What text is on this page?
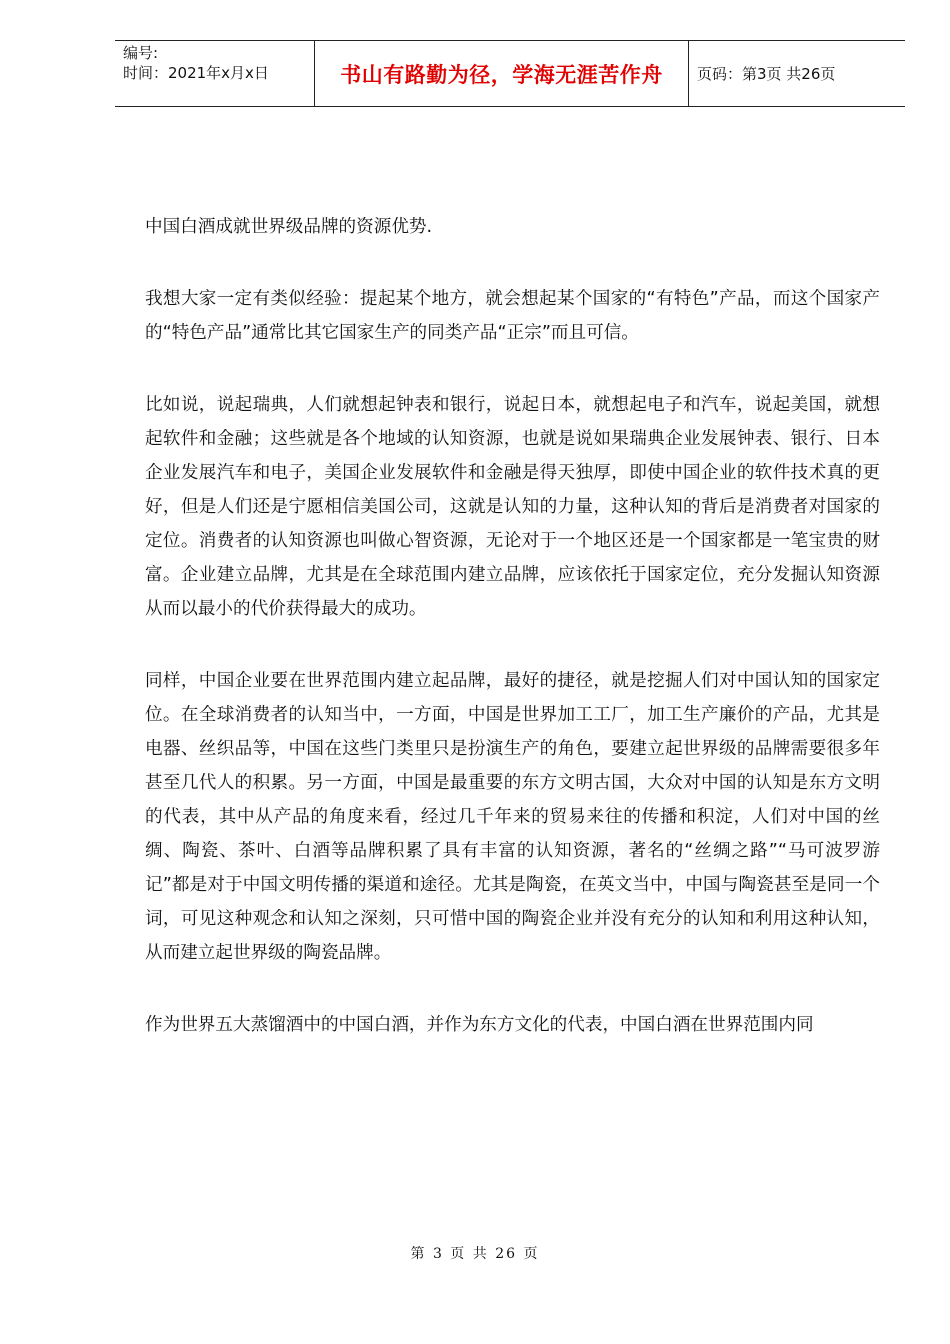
编号:
时间：2021年x月x日	书山有路勤为径，学海无涯苦作舟	页码：第3页 共26页

中国白酒成就世界级品牌的资源优势.

我想大家一定有类似经验：提起某个地方，就会想起某个国家的“有特色”产品，而这个国家产的“特色产品”通常比其它国家生产的同类产品“正宗”而且可信。

比如说，说起瑞典，人们就想起钟表和银行，说起日本，就想起电子和汽车，说起美国，就想起软件和金融；这些就是各个地域的认知资源，也就是说如果瑞典企业发展钟表、银行、日本企业发展汽车和电子，美国企业发展软件和金融是得天独厚，即使中国企业的软件技术真的更好，但是人们还是宁愿相信美国公司，这就是认知的力量，这种认知的背后是消费者对国家的定位。消费者的认知资源也叫做心智资源，无论对于一个地区还是一个国家都是一笔宝贵的财富。企业建立品牌，尤其是在全球范围内建立品牌，应该依托于国家定位，充分发掘认知资源从而以最小的代价获得最大的成功。

同样，中国企业要在世界范围内建立起品牌，最好的捷径，就是挖掘人们对中国认知的国家定位。在全球消费者的认知当中，一方面，中国是世界加工工厂，加工生产廉价的产品，尤其是电器、丝织品等，中国在这些门类里只是扮演生产的角色，要建立起世界级的品牌需要很多年甚至几代人的积累。另一方面，中国是最重要的东方文明古国，大众对中国的认知是东方文明的代表，其中从产品的角度来看，经过几千年来的贸易来往的传播和积淀，人们对中国的丝绸、陶瓷、茶叶、白酒等品牌积累了具有丰富的认知资源，著名的“丝绸之路”“马可波罗游记”都是对于中国文明传播的渠道和途径。尤其是陶瓷，在英文当中，中国与陶瓷甚至是同一个词，可见这种观念和认知之深刻，只可惜中国的陶瓷企业并没有充分的认知和利用这种认知，从而建立起世界级的陶瓷品牌。

作为世界五大蒸馏酒中的中国白酒，并作为东方文化的代表，中国白酒在世界范围内同

第 3 页 共 26 页
